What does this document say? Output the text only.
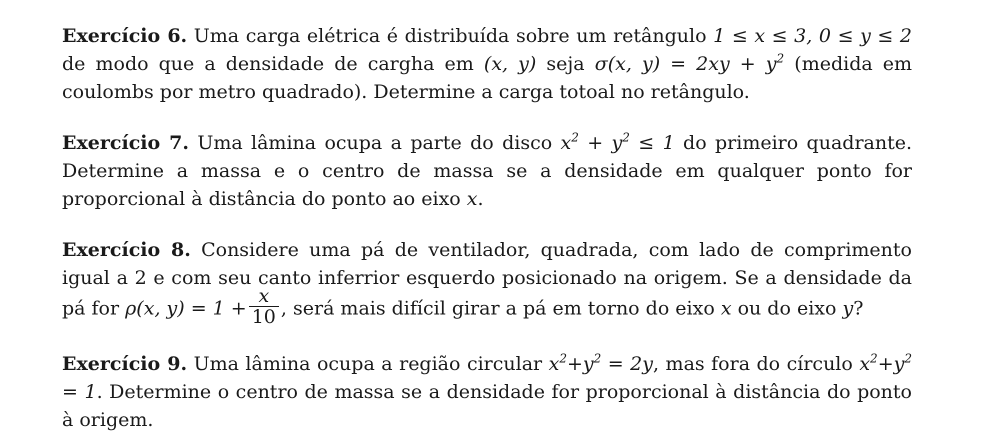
Exercício 6. Uma carga elétrica é distribuída sobre um retângulo 1 ≤ x ≤ 3, 0 ≤ y ≤ 2 de modo que a densidade de cargha em (x, y) seja σ(x, $y) = 2xy + y^2$ (medida em coulombs por metro quadrado). Determine a carga totoal no retângulo.

Exercício 7. Uma lâmina ocupa a parte do disco $x^2 + y^2 \le 1$ do primeiro quadrante. Determine a massa e o centro de massa se a densidade em qualquer ponto for proporcional à distância do ponto ao eixo x.

Exercício 8. Considere uma pá de ventilador, quadrada, com lado de comprimento igual a 2 e com seu canto inferrior esquerdo posicionado na origem. Se a densidade da pá for ρ(x, $y) = 1 + \frac{x}{10}$ , será mais difícil girar a pá em torno do eixo x ou do eixo y?

Exercício 9. Uma lâmina ocupa a região circular $x^2+y^2 = 2y$, mas fora do círculo $x^2+y^2 = 1$. Determine o centro de massa se a densidade for proporcional à distância do ponto à origem.
